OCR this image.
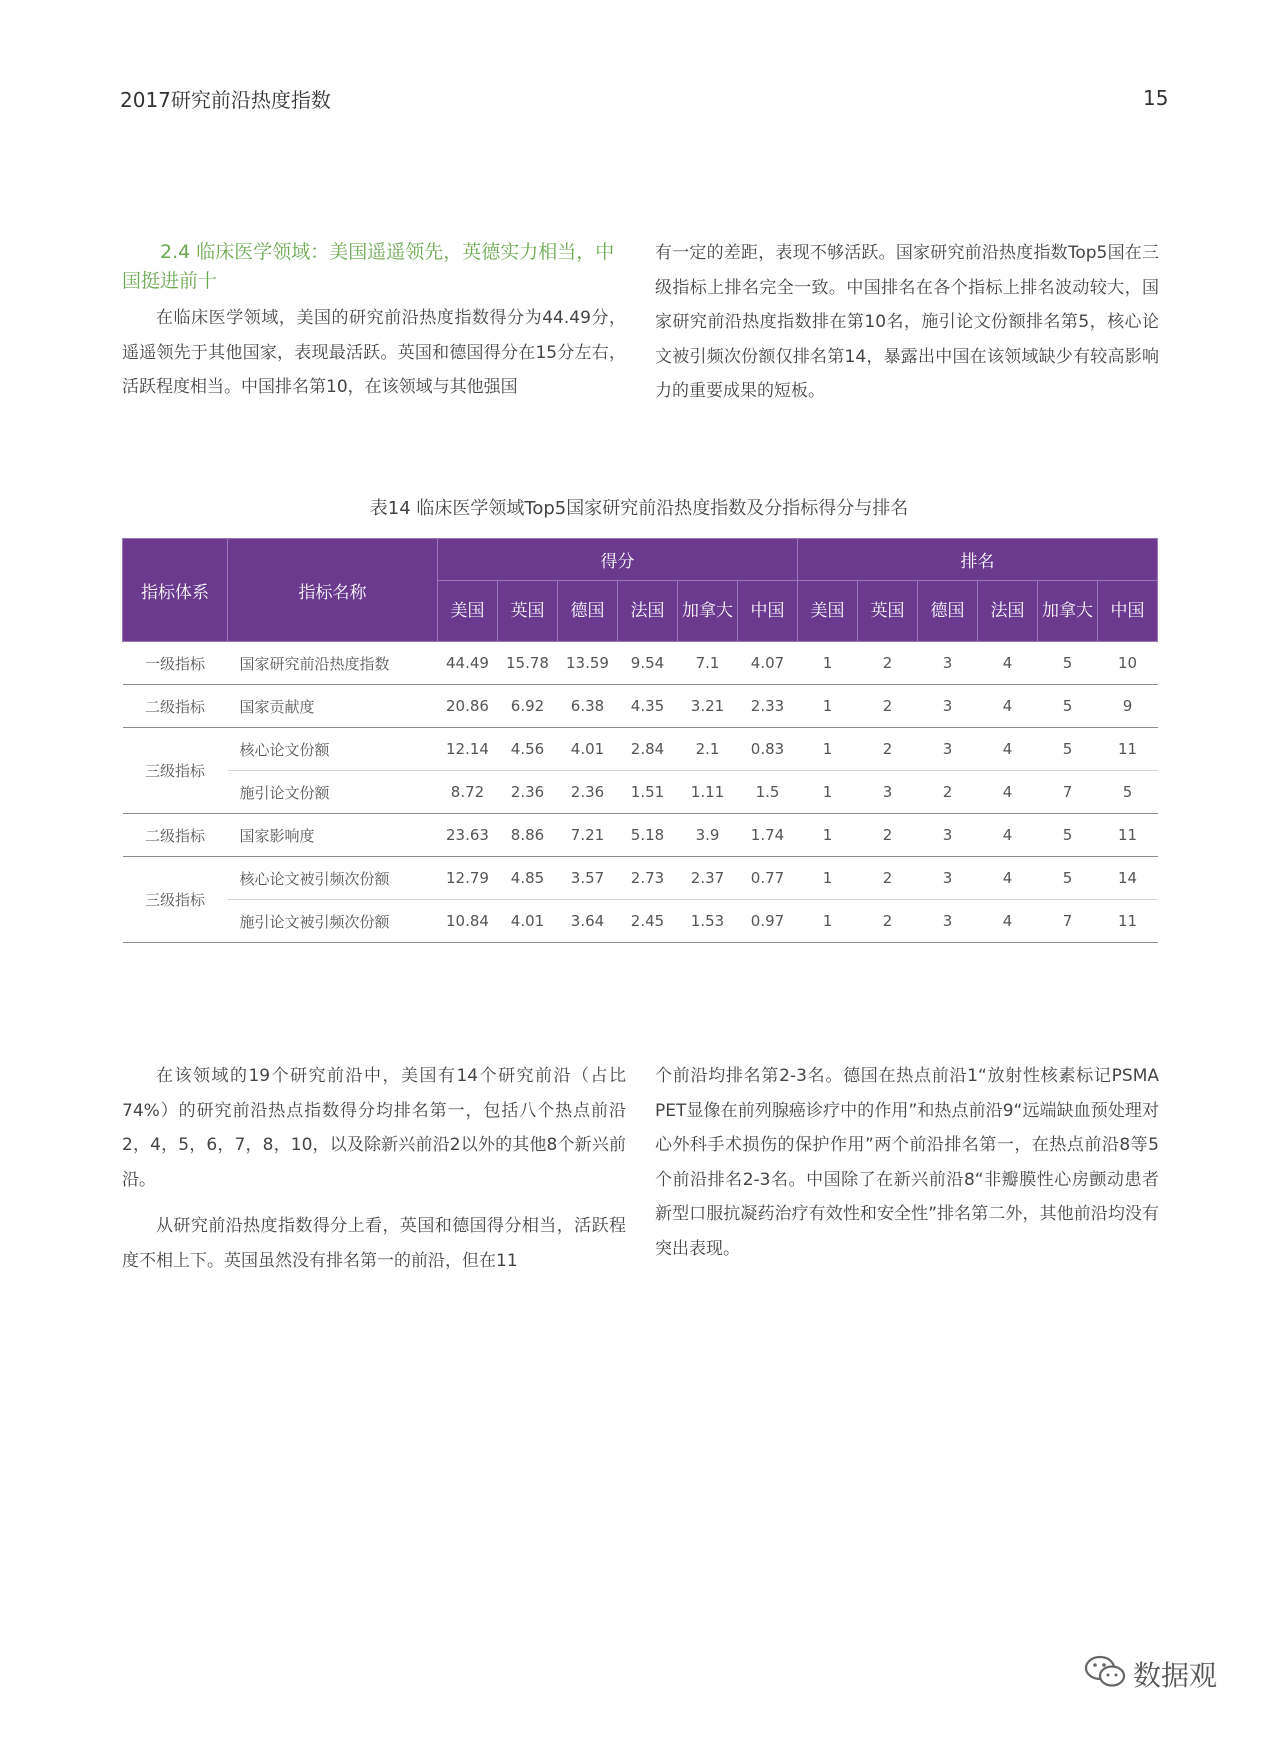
2017研究前沿热度指数	15
2.4 临床医学领域：美国遥遥领先，英德实力相当，中国挺进前十

在临床医学领域，美国的研究前沿热度指数得分为44.49分，遥遥领先于其他国家，表现最活跃。英国和德国得分在15分左右，活跃程度相当。中国排名第10，在该领域与其他强国

有一定的差距，表现不够活跃。国家研究前沿热度指数Top5国在三级指标上排名完全一致。中国排名在各个指标上排名波动较大，国家研究前沿热度指数排在第10名，施引论文份额排名第5，核心论文被引频次份额仅排名第14，暴露出中国在该领域缺少有较高影响力的重要成果的短板。

表14 临床医学领域Top5国家研究前沿热度指数及分指标得分与排名
指标体系	指标名称	得分						排名					
		美国	英国	德国	法国	加拿大	中国	美国	英国	德国	法国	加拿大	中国
一级指标	国家研究前沿热度指数	44.49	15.78	13.59	9.54	7.1	4.07	1	2	3	4	5	10
二级指标	国家贡献度	20.86	6.92	6.38	4.35	3.21	2.33	1	2	3	4	5	9
三级指标	核心论文份额	12.14	4.56	4.01	2.84	2.1	0.83	1	2	3	4	5	11
	施引论文份额	8.72	2.36	2.36	1.51	1.11	1.5	1	3	2	4	7	5
二级指标	国家影响度	23.63	8.86	7.21	5.18	3.9	1.74	1	2	3	4	5	11
三级指标	核心论文被引频次份额	12.79	4.85	3.57	2.73	2.37	0.77	1	2	3	4	5	14
	施引论文被引频次份额	10.84	4.01	3.64	2.45	1.53	0.97	1	2	3	4	7	11

在该领域的19个研究前沿中，美国有14个研究前沿（占比74%）的研究前沿热点指数得分均排名第一，包括八个热点前沿2，4，5，6，7，8，10，以及除新兴前沿2以外的其他8个新兴前沿。

从研究前沿热度指数得分上看，英国和德国得分相当，活跃程度不相上下。英国虽然没有排名第一的前沿，但在11

个前沿均排名第2-3名。德国在热点前沿1“放射性核素标记PSMA PET显像在前列腺癌诊疗中的作用”和热点前沿9“远端缺血预处理对心外科手术损伤的保护作用”两个前沿排名第一，在热点前沿8等5个前沿排名2-3名。中国除了在新兴前沿8“非瓣膜性心房颤动患者新型口服抗凝药治疗有效性和安全性”排名第二外，其他前沿均没有突出表现。

数据观
